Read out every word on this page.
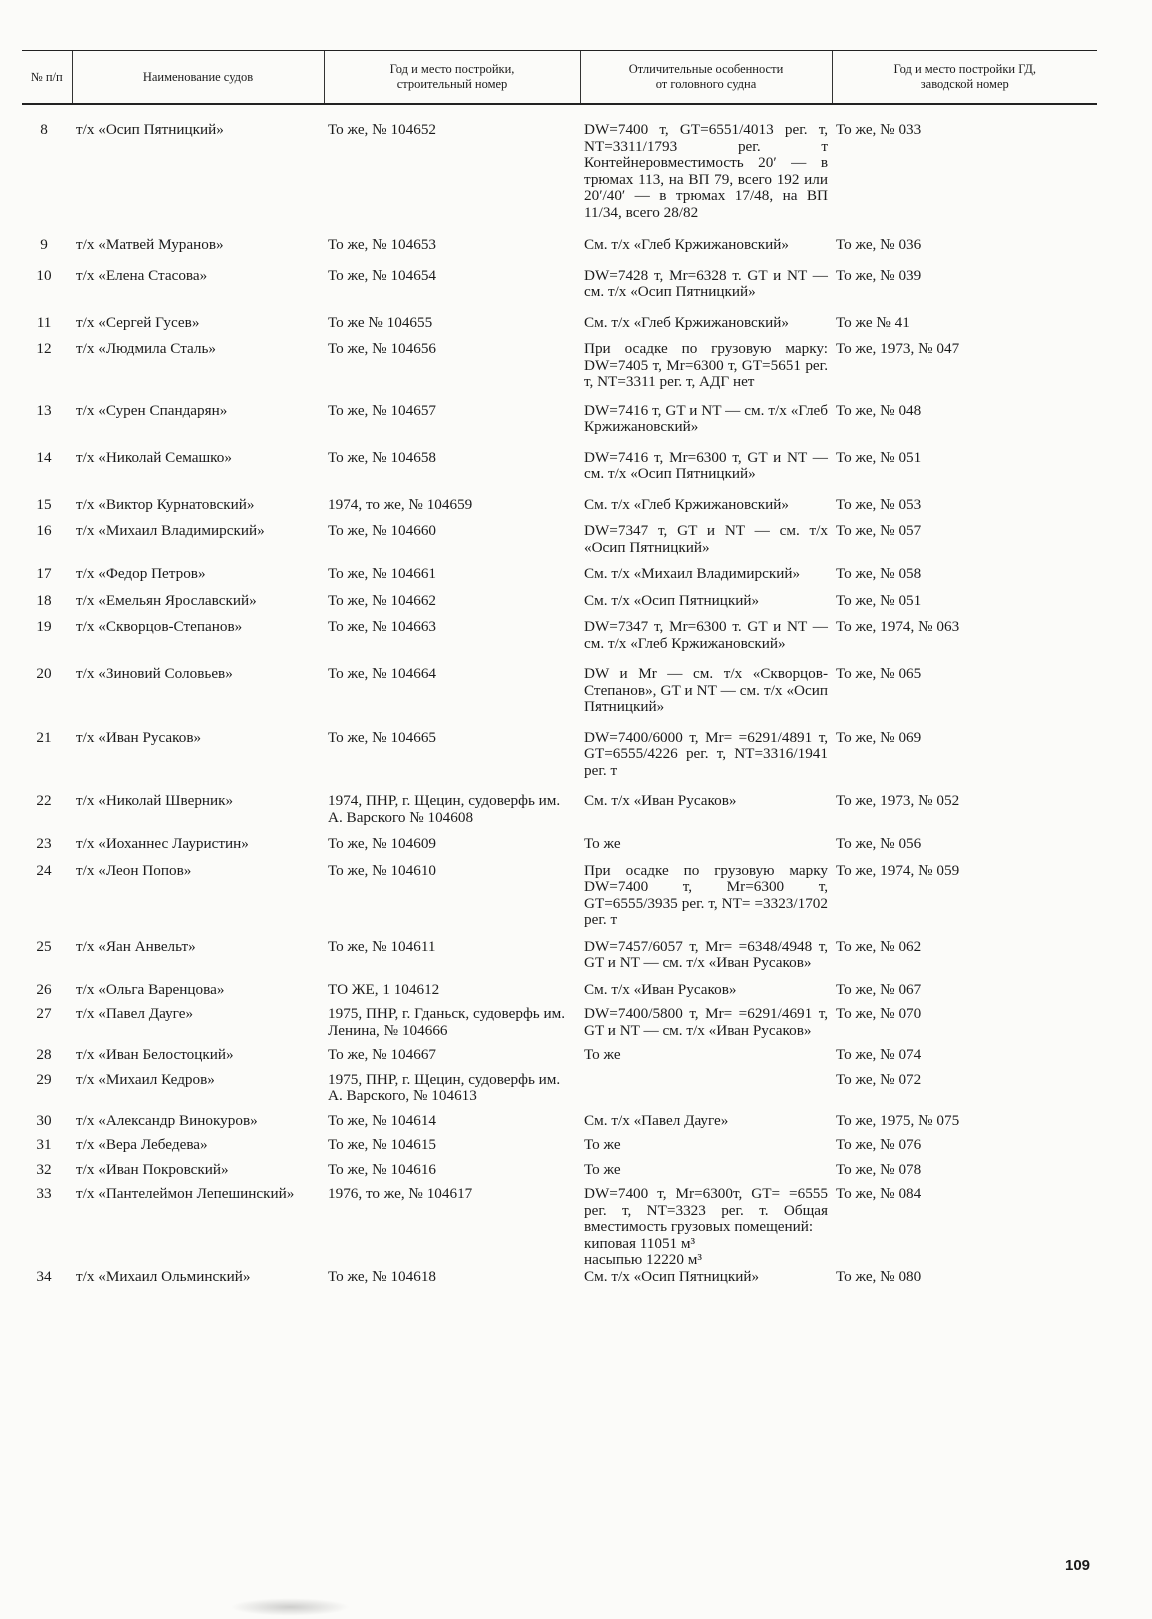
№ п/п	Наименование судов	Год и место постройки,
строительный номер	Отличительные особенности
от головного судна	Год и место постройки ГД,
заводской номер
8	т/х «Осип Пятницкий»	То же, № 104652	DW=7400 т, GT=6551/4013 рег. т, NT=3311/1793 рег. т Контейнеровместимость 20′ — в трюмах 113, на ВП 79, всего 192 или 20′/40′ — в трюмах 17/48, на ВП 11/34, всего 28/82	То же, № 033
9	т/х «Матвей Муранов»	То же, № 104653	См. т/х «Глеб Кржижановский»	То же, № 036
10	т/х «Елена Стасова»	То же, № 104654	DW=7428 т, Mr=6328 т. GT и NT — см. т/х «Осип Пятницкий»	То же, № 039
11	т/х «Сергей Гусев»	То же № 104655	См. т/х «Глеб Кржижановский»	То же № 41
12	т/х «Людмила Сталь»	То же, № 104656	При осадке по грузовую марку: DW=7405 т, Mr=6300 т, GT=5651 рег. т, NT=3311 рег. т, АДГ нет	То же, 1973, № 047
13	т/х «Сурен Спандарян»	То же, № 104657	DW=7416 т, GT и NT — см. т/х «Глеб Кржижановский»	То же, № 048
14	т/х «Николай Семашко»	То же, № 104658	DW=7416 т, Mr=6300 т, GT и NT — см. т/х «Осип Пятницкий»	То же, № 051
15	т/х «Виктор Курнатовский»	1974, то же, № 104659	См. т/х «Глеб Кржижановский»	То же, № 053
16	т/х «Михаил Владимирский»	То же, № 104660	DW=7347 т, GT и NT — см. т/х «Осип Пятницкий»	То же, № 057
17	т/х «Федор Петров»	То же, № 104661	См. т/х «Михаил Владимирский»	То же, № 058
18	т/х «Емельян Ярославский»	То же, № 104662	См. т/х «Осип Пятницкий»	То же, № 051
19	т/х «Скворцов-Степанов»	То же, № 104663	DW=7347 т, Mr=6300 т. GT и NT — см. т/х «Глеб Кржижановский»	То же, 1974, № 063
20	т/х «Зиновий Соловьев»	То же, № 104664	DW и Mr — см. т/х «Скворцов-Степанов», GT и NT — см. т/х «Осип Пятницкий»	То же, № 065
21	т/х «Иван Русаков»	То же, № 104665	DW=7400/6000 т, Mr= =6291/4891 т, GT=6555/4226 рег. т, NT=3316/1941 рег. т	То же, № 069
22	т/х «Николай Шверник»	1974, ПНР, г. Щецин, судоверфь им. А. Варского № 104608	См. т/х «Иван Русаков»	То же, 1973, № 052
23	т/х «Иоханнес Лауристин»	То же, № 104609	То же	То же, № 056
24	т/х «Леон Попов»	То же, № 104610	При осадке по грузовую марку DW=7400 т, Mr=6300 т, GT=6555/3935 рег. т, NT= =3323/1702 рег. т	То же, 1974, № 059
25	т/х «Яан Анвельт»	То же, № 104611	DW=7457/6057 т, Mr= =6348/4948 т, GT и NT — см. т/х «Иван Русаков»	То же, № 062
26	т/х «Ольга Варенцова»	ТО ЖЕ, 1 104612	См. т/х «Иван Русаков»	То же, № 067
27	т/х «Павел Дауге»	1975, ПНР, г. Гданьск, судоверфь им. Ленина, № 104666	DW=7400/5800 т, Mr= =6291/4691 т, GT и NT — см. т/х «Иван Русаков»	То же, № 070
28	т/х «Иван Белостоцкий»	То же, № 104667	То же	То же, № 074
29	т/х «Михаил Кедров»	1975, ПНР, г. Щецин, судоверфь им. А. Варского, № 104613		То же, № 072
30	т/х «Александр Винокуров»	То же, № 104614	См. т/х «Павел Дауге»	То же, 1975, № 075
31	т/х «Вера Лебедева»	То же, № 104615	То же	То же, № 076
32	т/х «Иван Покровский»	То же, № 104616	То же	То же, № 078
33	т/х «Пантелеймон Лепешинский»	1976, то же, № 104617	DW=7400 т, Mr=6300т, GT= =6555 рег. т, NT=3323 рег. т. Общая вместимость грузовых помещений:
киповая 11051 м³
насыпью 12220 м³	То же, № 084
34	т/х «Михаил Ольминский»	То же, № 104618	См. т/х «Осип Пятницкий»	То же, № 080
109
